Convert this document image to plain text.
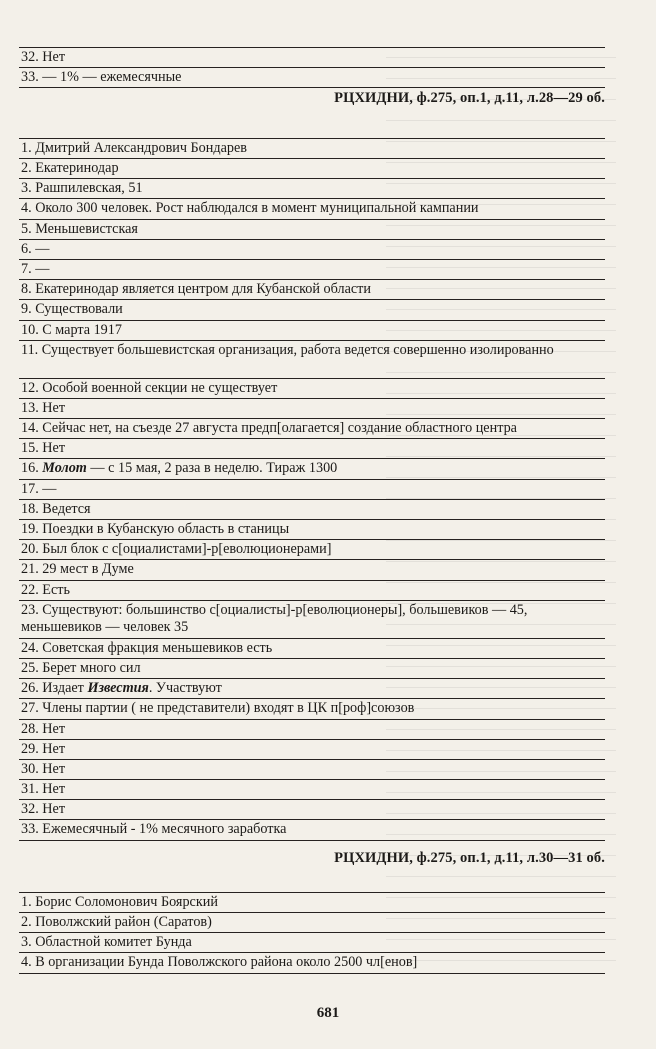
32. Нет
33. — 1% — ежемесячные
РЦХИДНИ, ф.275, оп.1, д.11, л.28—29 об.
1. Дмитрий Александрович Бондарев
2. Екатеринодар
3. Рашпилевская, 51
4. Около 300 человек. Рост наблюдался в момент муниципальной кампании
5. Меньшевистская
6. —
7. —
8. Екатеринодар является центром для Кубанской области
9. Существовали
10. С марта 1917
11. Существует большевистская организация, работа ведется совершенно изолированно
12. Особой военной секции не существует
13. Нет
14. Сейчас нет, на съезде 27 августа предп[олагается] создание областного центра
15. Нет
16. Молот — с 15 мая, 2 раза в неделю. Тираж 1300
17. —
18. Ведется
19. Поездки в Кубанскую область в станицы
20. Был блок с с[оциалистами]-р[еволюционерами]
21. 29 мест в Думе
22. Есть
23. Существуют: большинство с[оциалисты]-р[еволюционеры], большевиков — 45, меньшевиков — человек 35
24. Советская фракция меньшевиков есть
25. Берет много сил
26. Издает Известия. Участвуют
27. Члены партии ( не представители) входят в ЦК п[роф]союзов
28. Нет
29. Нет
30. Нет
31. Нет
32. Нет
33. Ежемесячный - 1% месячного заработка
РЦХИДНИ, ф.275, оп.1, д.11, л.30—31 об.
1. Борис Соломонович Боярский
2. Поволжский район (Саратов)
3. Областной комитет Бунда
4. В организации Бунда Поволжского района около 2500 чл[енов]
681
